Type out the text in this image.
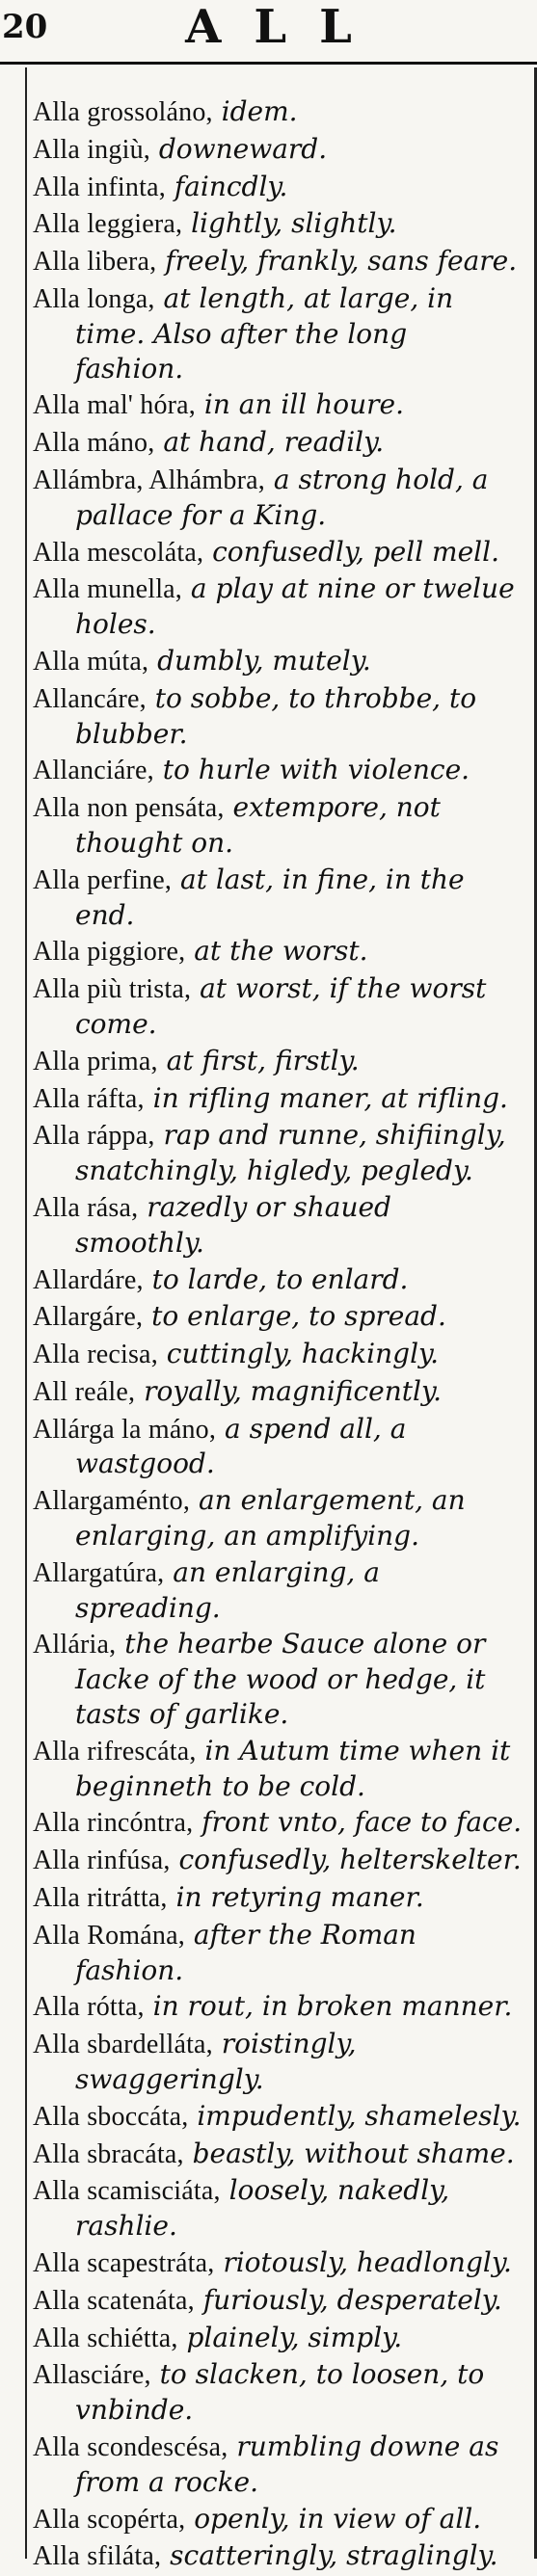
20	ALL

Alla grossoláno, idem.

Alla ingiù, downeward.

Alla infinta, faincdly.

Alla leggiera, lightly, slightly.

Alla libera, freely, frankly, sans feare.

Alla longa, at length, at large, in time. Also after the long fashion.

Alla mal' hóra, in an ill houre.

Alla máno, at hand, readily.

Allámbra, Alhámbra, a strong hold, a pallace for a King.

Alla mescoláta, confusedly, pell mell.

Alla munella, a play at nine or twelue holes.

Alla múta, dumbly, mutely.

Allancáre, to sobbe, to throbbe, to blubber.

Allanciáre, to hurle with violence.

Alla non pensáta, extempore, not thought on.

Alla perfine, at last, in fine, in the end.

Alla piggiore, at the worst.

Alla più trista, at worst, if the worst come.

Alla prima, at first, firstly.

Alla ráfta, in rifling maner, at rifling.

Alla ráppa, rap and runne, shifiingly, snatchingly, higledy, pegledy.

Alla rása, razedly or shaued smoothly.

Allardáre, to larde, to enlard.

Allargáre, to enlarge, to spread.

Alla recisa, cuttingly, hackingly.

All reále, royally, magnificently.

Allárga la máno, a spend all, a wastgood.

Allargaménto, an enlargement, an enlarging, an amplifying.

Allargatúra, an enlarging, a spreading.

Allária, the hearbe Sauce alone or Iacke of the wood or hedge, it tasts of garlike.

Alla rifrescáta, in Autum time when it beginneth to be cold.

Alla rincóntra, front vnto, face to face.

Alla rinfúsa, confusedly, helterskelter.

Alla ritrátta, in retyring maner.

Alla Romána, after the Roman fashion.

Alla rótta, in rout, in broken manner.

Alla sbardelláta, roistingly, swaggeringly.

Alla sboccáta, impudently, shamelesly.

Alla sbracáta, beastly, without shame.

Alla scamisciáta, loosely, nakedly, rashlie.

Alla scapestráta, riotously, headlongly.

Alla scatenáta, furiously, desperately.

Alla schiétta, plainely, simply.

Allasciáre, to slacken, to loosen, to vnbinde.

Alla scondescésa, rumbling downe as from a rocke.

Alla scopérta, openly, in view of all.

Alla sfiláta, scatteringly, straglingly.
